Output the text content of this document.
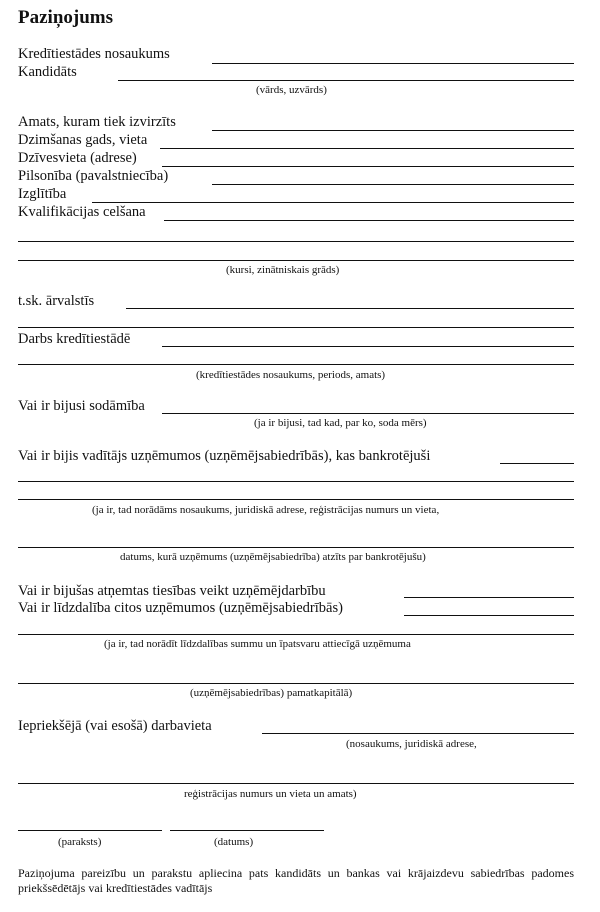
Paziņojums
Kredītiestādes nosaukums
Kandidāts
(vārds, uzvārds)
Amats, kuram tiek izvirzīts
Dzimšanas gads, vieta
Dzīvesvieta (adrese)
Pilsonība (pavalstniecība)
Izglītība
Kvalifikācijas celšana
(kursi, zinātniskais grāds)
t.sk. ārvalstīs
Darbs kredītiestādē
(kredītiestādes nosaukums, periods, amats)
Vai ir bijusi sodāmība
(ja ir bijusi, tad kad, par ko, soda mērs)
Vai ir bijis vadītājs uzņēmumos (uzņēmējsabiedrībās), kas bankrotējuši
(ja ir, tad norādāms nosaukums, juridiskā adrese, reģistrācijas numurs un vieta,
datums, kurā uzņēmums (uzņēmējsabiedrība) atzīts par bankrotējušu)
Vai ir bijušas atņemtas tiesības veikt uzņēmējdarbību
Vai ir līdzdalība citos uzņēmumos (uzņēmējsabiedrībās)
(ja ir, tad norādīt līdzdalības summu un īpatsvaru attiecīgā uzņēmuma
(uzņēmējsabiedrības) pamatkapitālā)
Iepriekšējā (vai esošā) darbavieta
(nosaukums, juridiskā adrese,
reģistrācijas numurs un vieta un amats)
(paraksts)	(datums)
Paziņojuma pareizību un parakstu apliecina pats kandidāts un bankas vai krājaizdevu sabiedrības padomes priekšsēdētājs vai kredītiestādes vadītājs
